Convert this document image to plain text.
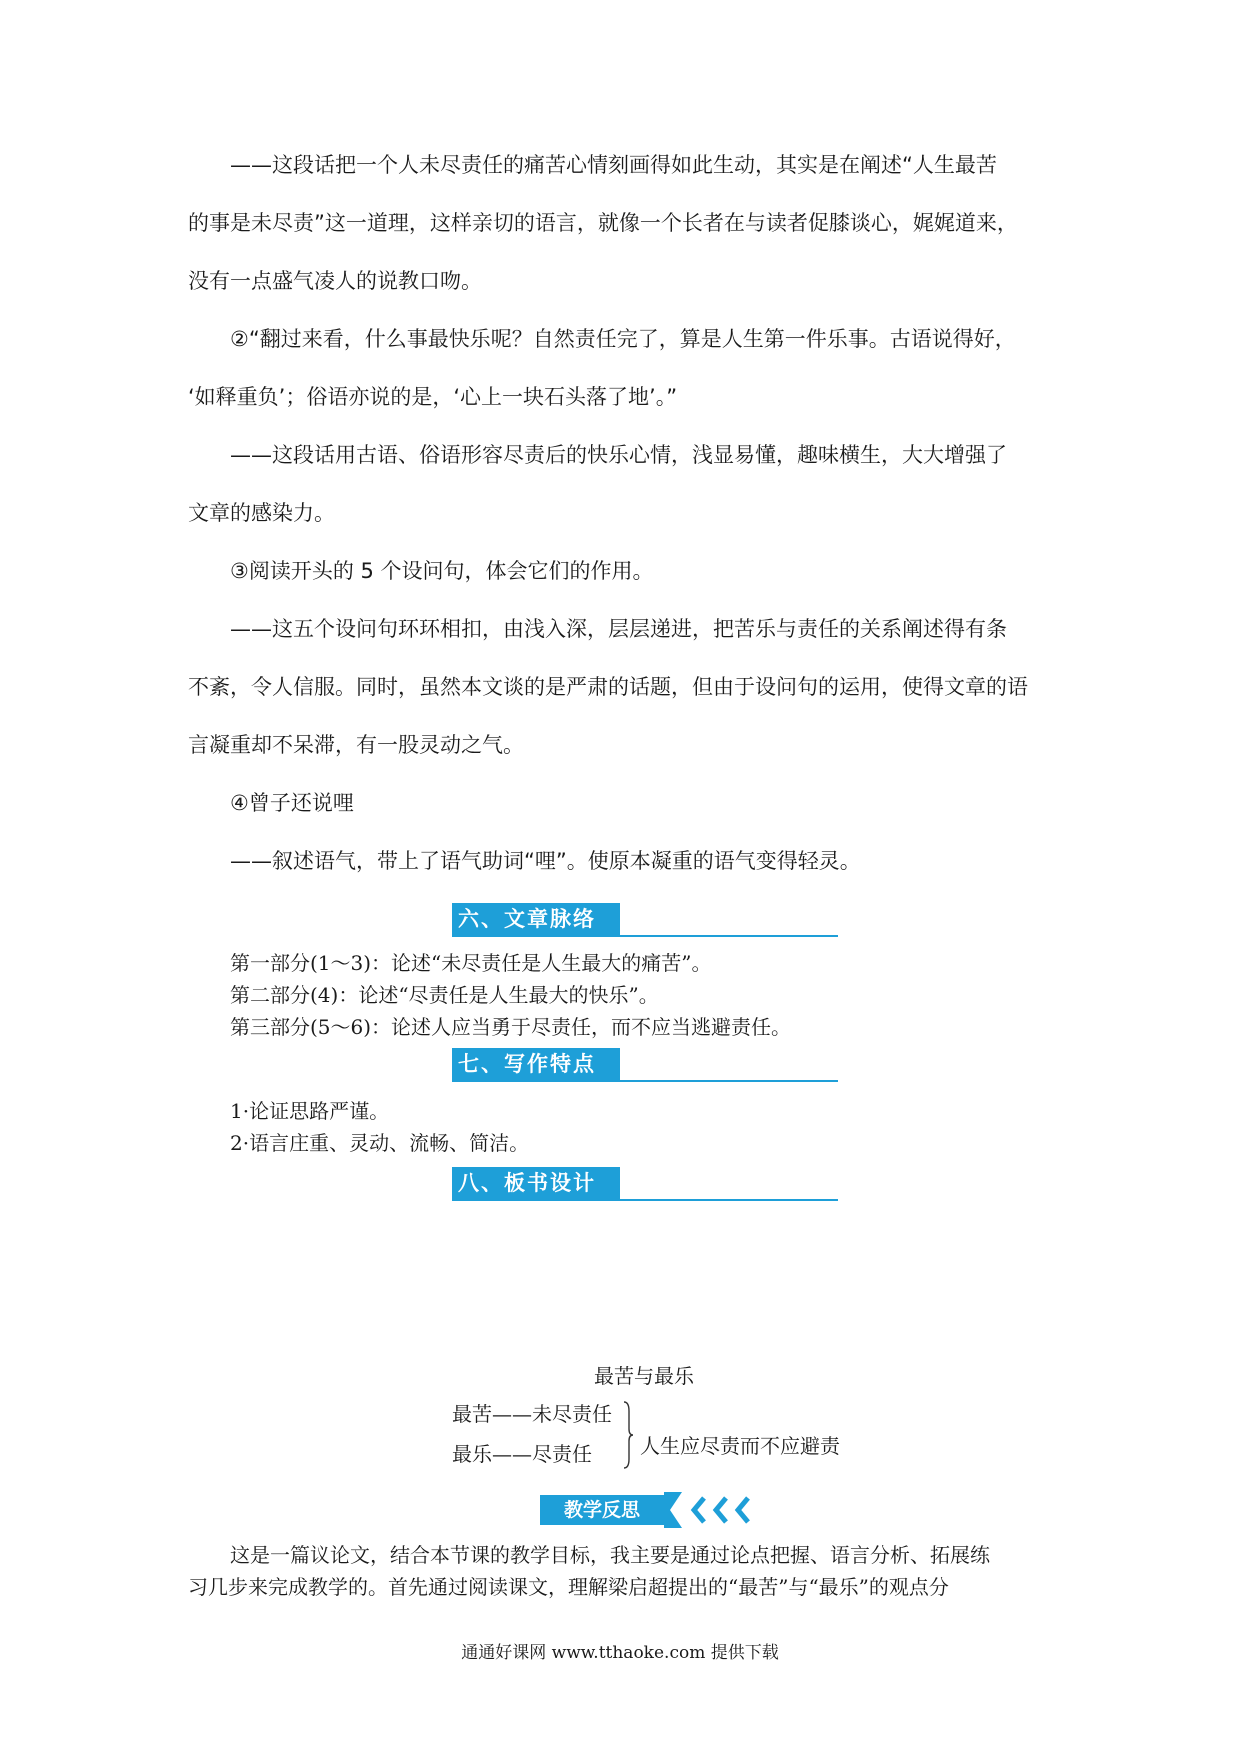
——这段话把一个人未尽责任的痛苦心情刻画得如此生动，其实是在阐述“人生最苦
的事是未尽责”这一道理，这样亲切的语言，就像一个长者在与读者促膝谈心，娓娓道来，
没有一点盛气凌人的说教口吻。
②“翻过来看，什么事最快乐呢？自然责任完了，算是人生第一件乐事。古语说得好，
‘如释重负’；俗语亦说的是，‘心上一块石头落了地’。”
——这段话用古语、俗语形容尽责后的快乐心情，浅显易懂，趣味横生，大大增强了
文章的感染力。
③阅读开头的 5 个设问句，体会它们的作用。
——这五个设问句环环相扣，由浅入深，层层递进，把苦乐与责任的关系阐述得有条
不紊，令人信服。同时，虽然本文谈的是严肃的话题，但由于设问句的运用，使得文章的语
言凝重却不呆滞，有一股灵动之气。
④曾子还说哩
——叙述语气，带上了语气助词“哩”。使原本凝重的语气变得轻灵。
六、文章脉络
第一部分(1～3)：论述“未尽责任是人生最大的痛苦”。
第二部分(4)：论述“尽责任是人生最大的快乐”。
第三部分(5～6)：论述人应当勇于尽责任，而不应当逃避责任。
七、写作特点
1·论证思路严谨。
2·语言庄重、灵动、流畅、简洁。
八、板书设计
最苦与最乐
最苦——未尽责任
最乐——尽责任 人生应尽责而不应避责
教学反思
这是一篇议论文，结合本节课的教学目标，我主要是通过论点把握、语言分析、拓展练
习几步来完成教学的。首先通过阅读课文，理解梁启超提出的“最苦”与“最乐”的观点分
通通好课网 www.tthaoke.com 提供下载
